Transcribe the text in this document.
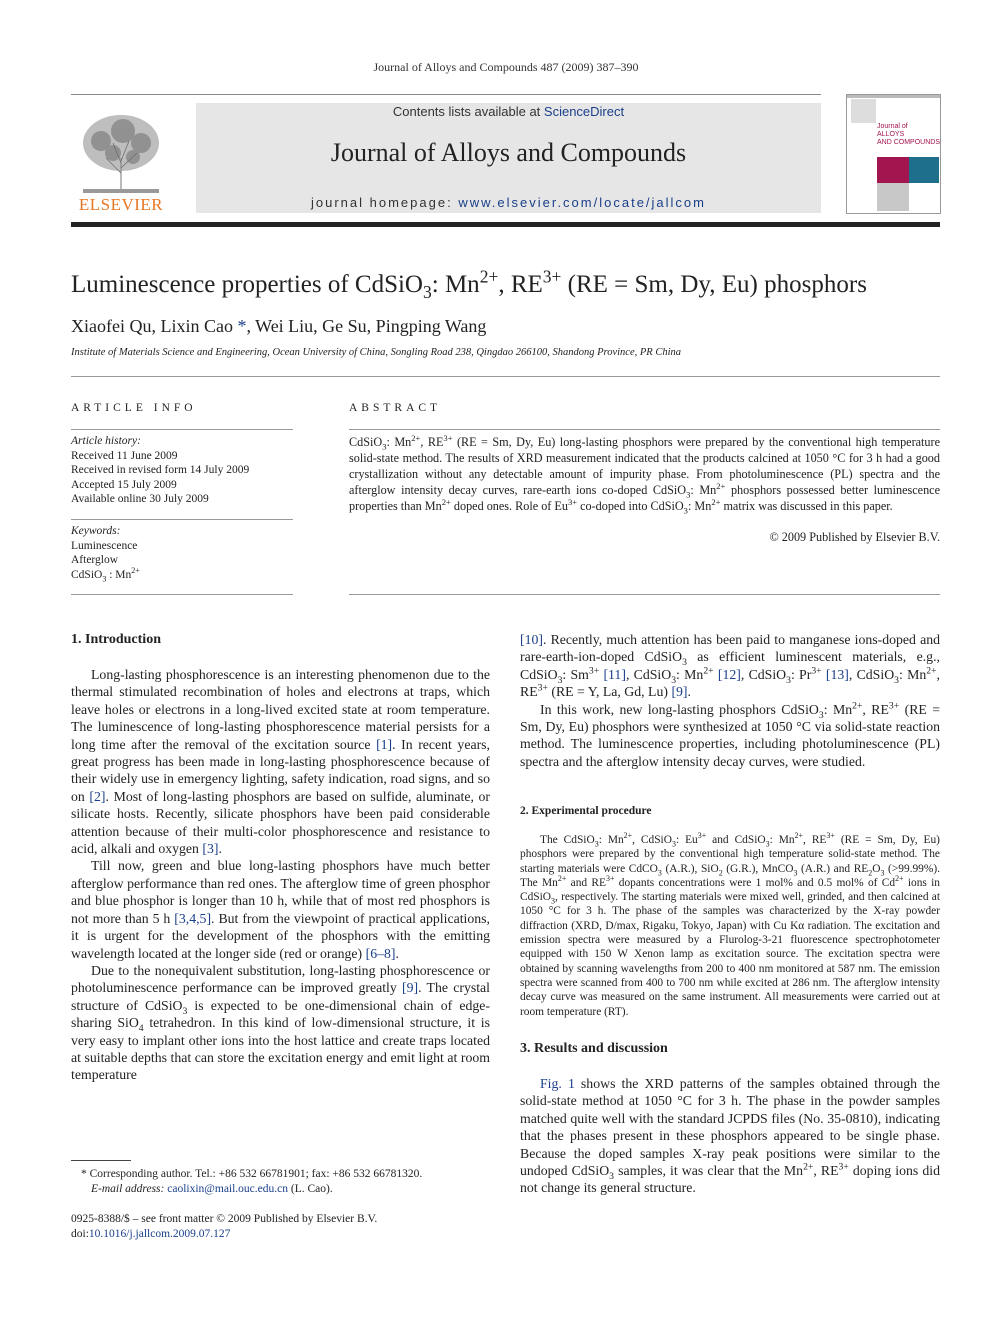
Journal of Alloys and Compounds 487 (2009) 387–390
Contents lists available at ScienceDirect
Journal of Alloys and Compounds
journal homepage: www.elsevier.com/locate/jallcom
ELSEVIER
Journal of
ALLOYS
AND COMPOUNDS
Luminescence properties of CdSiO$_3$: $Mn^{2+}$, $RE^{3+}$ (RE = Sm, Dy, Eu) phosphors
Xiaofei Qu, Lixin Cao *, Wei Liu, Ge Su, Pingping Wang
Institute of Materials Science and Engineering, Ocean University of China, Songling Road 238, Qingdao 266100, Shandong Province, PR China
ARTICLE INFO	ABSTRACT
Article history:
Received 11 June 2009
Received in revised form 14 July 2009
Accepted 15 July 2009
Available online 30 July 2009
Keywords:
Luminescence
Afterglow
CdSiO$_3$ : $Mn^{2+}$
CdSiO$_3$: $Mn^{2+}$, $RE^{3+}$ (RE = Sm, Dy, Eu) long-lasting phosphors were prepared by the conventional high temperature solid-state method. The results of XRD measurement indicated that the products calcined at 1050 °C for 3 h had a good crystallization without any detectable amount of impurity phase. From photoluminescence (PL) spectra and the afterglow intensity decay curves, rare-earth ions co-doped CdSiO$_3$: $Mn^{2+}$ phosphors possessed better luminescence properties than $Mn^{2+}$ doped ones. Role of $Eu^{3+}$ co-doped into CdSiO$_3$: $Mn^{2+}$ matrix was discussed in this paper.
© 2009 Published by Elsevier B.V.
1. Introduction

Long-lasting phosphorescence is an interesting phenomenon due to the thermal stimulated recombination of holes and electrons at traps, which leave holes or electrons in a long-lived excited state at room temperature. The luminescence of long-lasting phosphorescence material persists for a long time after the removal of the excitation source [1]. In recent years, great progress has been made in long-lasting phosphorescence because of their widely use in emergency lighting, safety indication, road signs, and so on [2]. Most of long-lasting phosphors are based on sulfide, aluminate, or silicate hosts. Recently, silicate phosphors have been paid considerable attention because of their multi-color phosphorescence and resistance to acid, alkali and oxygen [3].

Till now, green and blue long-lasting phosphors have much better afterglow performance than red ones. The afterglow time of green phosphor and blue phosphor is longer than 10 h, while that of most red phosphors is not more than 5 h [3,4,5]. But from the viewpoint of practical applications, it is urgent for the development of the phosphors with the emitting wavelength located at the longer side (red or orange) [6–8].

Due to the nonequivalent substitution, long-lasting phosphorescence or photoluminescence performance can be improved greatly [9]. The crystal structure of CdSiO$_3$ is expected to be one-dimensional chain of edge-sharing SiO$_4$ tetrahedron. In this kind of low-dimensional structure, it is very easy to implant other ions into the host lattice and create traps located at suitable depths that can store the excitation energy and emit light at room temperature

[10]. Recently, much attention has been paid to manganese ions-doped and rare-earth-ion-doped CdSiO$_3$ as efficient luminescent materials, e.g., CdSiO$_3$: $Sm^{3+}$ [11], CdSiO$_3$: $Mn^{2+}$ [12], CdSiO$_3$: $Pr^{3+}$ [13], CdSiO$_3$: $Mn^{2+}$, $RE^{3+}$ (RE = Y, La, Gd, Lu) [9].

In this work, new long-lasting phosphors CdSiO$_3$: $Mn^{2+}$, $RE^{3+}$ (RE = Sm, Dy, Eu) phosphors were synthesized at 1050 °C via solid-state reaction method. The luminescence properties, including photoluminescence (PL) spectra and the afterglow intensity decay curves, were studied.

2. Experimental procedure

The CdSiO$_3$: $Mn^{2+}$, CdSiO$_3$: $Eu^{3+}$ and CdSiO$_3$: $Mn^{2+}$, $RE^{3+}$ (RE = Sm, Dy, Eu) phosphors were prepared by the conventional high temperature solid-state method. The starting materials were CdCO$_3$ (A.R.), SiO$_2$ (G.R.), MnCO$_3$ (A.R.) and $RE_2O_3$ (>99.99%). The $Mn^{2+}$ and $RE^{3+}$ dopants concentrations were 1 mol% and 0.5 mol% of $Cd^{2+}$ ions in CdSiO$_3$, respectively. The starting materials were mixed well, grinded, and then calcined at 1050 °C for 3 h. The phase of the samples was characterized by the X-ray powder diffraction (XRD, D/max, Rigaku, Tokyo, Japan) with Cu Kα radiation. The excitation and emission spectra were measured by a Flurolog-3-21 fluorescence spectrophotometer equipped with 150 W Xenon lamp as excitation source. The excitation spectra were obtained by scanning wavelengths from 200 to 400 nm monitored at 587 nm. The emission spectra were scanned from 400 to 700 nm while excited at 286 nm. The afterglow intensity decay curve was measured on the same instrument. All measurements were carried out at room temperature (RT).

3. Results and discussion

Fig. 1 shows the XRD patterns of the samples obtained through the solid-state method at 1050 °C for 3 h. The phase in the powder samples matched quite well with the standard JCPDS files (No. 35-0810), indicating that the phases present in these phosphors appeared to be single phase. Because the doped samples X-ray peak positions were similar to the undoped CdSiO$_3$ samples, it was clear that the $Mn^{2+}$, $RE^{3+}$ doping ions did not change its general structure.

* Corresponding author. Tel.: +86 532 66781901; fax: +86 532 66781320.
E-mail address: caolixin@mail.ouc.edu.cn (L. Cao).
0925-8388/$ – see front matter © 2009 Published by Elsevier B.V.
doi:10.1016/j.jallcom.2009.07.127
